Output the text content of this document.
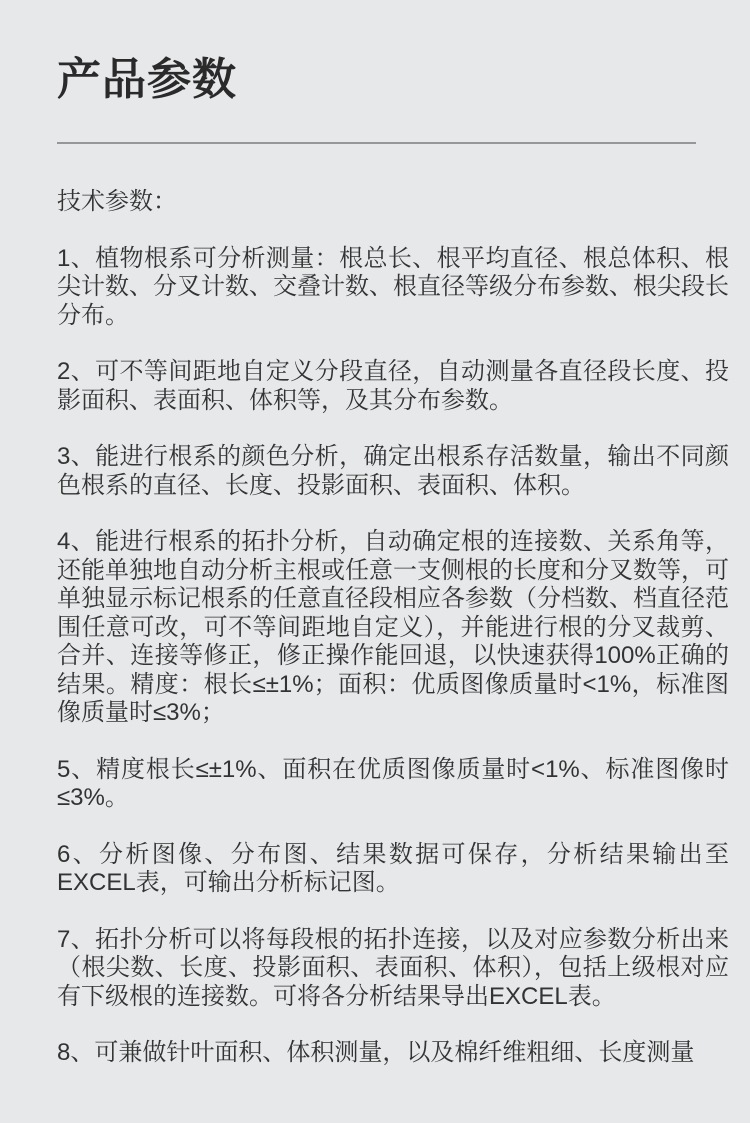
产品参数

技术参数：

1、植物根系可分析测量：根总长、根平均直径、根总体积、根尖计数、分叉计数、交叠计数、根直径等级分布参数、根尖段长分布。

2、可不等间距地自定义分段直径，自动测量各直径段长度、投影面积、表面积、体积等，及其分布参数。

3、能进行根系的颜色分析，确定出根系存活数量，输出不同颜色根系的直径、长度、投影面积、表面积、体积。

4、能进行根系的拓扑分析，自动确定根的连接数、关系角等，还能单独地自动分析主根或任意一支侧根的长度和分叉数等，可单独显示标记根系的任意直径段相应各参数（分档数、档直径范围任意可改，可不等间距地自定义），并能进行根的分叉裁剪、合并、连接等修正，修正操作能回退，以快速获得100%正确的结果。精度：根长≤±1%；面积：优质图像质量时<1%，标准图像质量时≤3%；

5、精度根长≤±1%、面积在优质图像质量时<1%、标准图像时≤3%。

6、分析图像、分布图、结果数据可保存，分析结果输出至EXCEL表，可输出分析标记图。

7、拓扑分析可以将每段根的拓扑连接，以及对应参数分析出来（根尖数、长度、投影面积、表面积、体积），包括上级根对应有下级根的连接数。可将各分析结果导出EXCEL表。

8、可兼做针叶面积、体积测量，以及棉纤维粗细、长度测量
